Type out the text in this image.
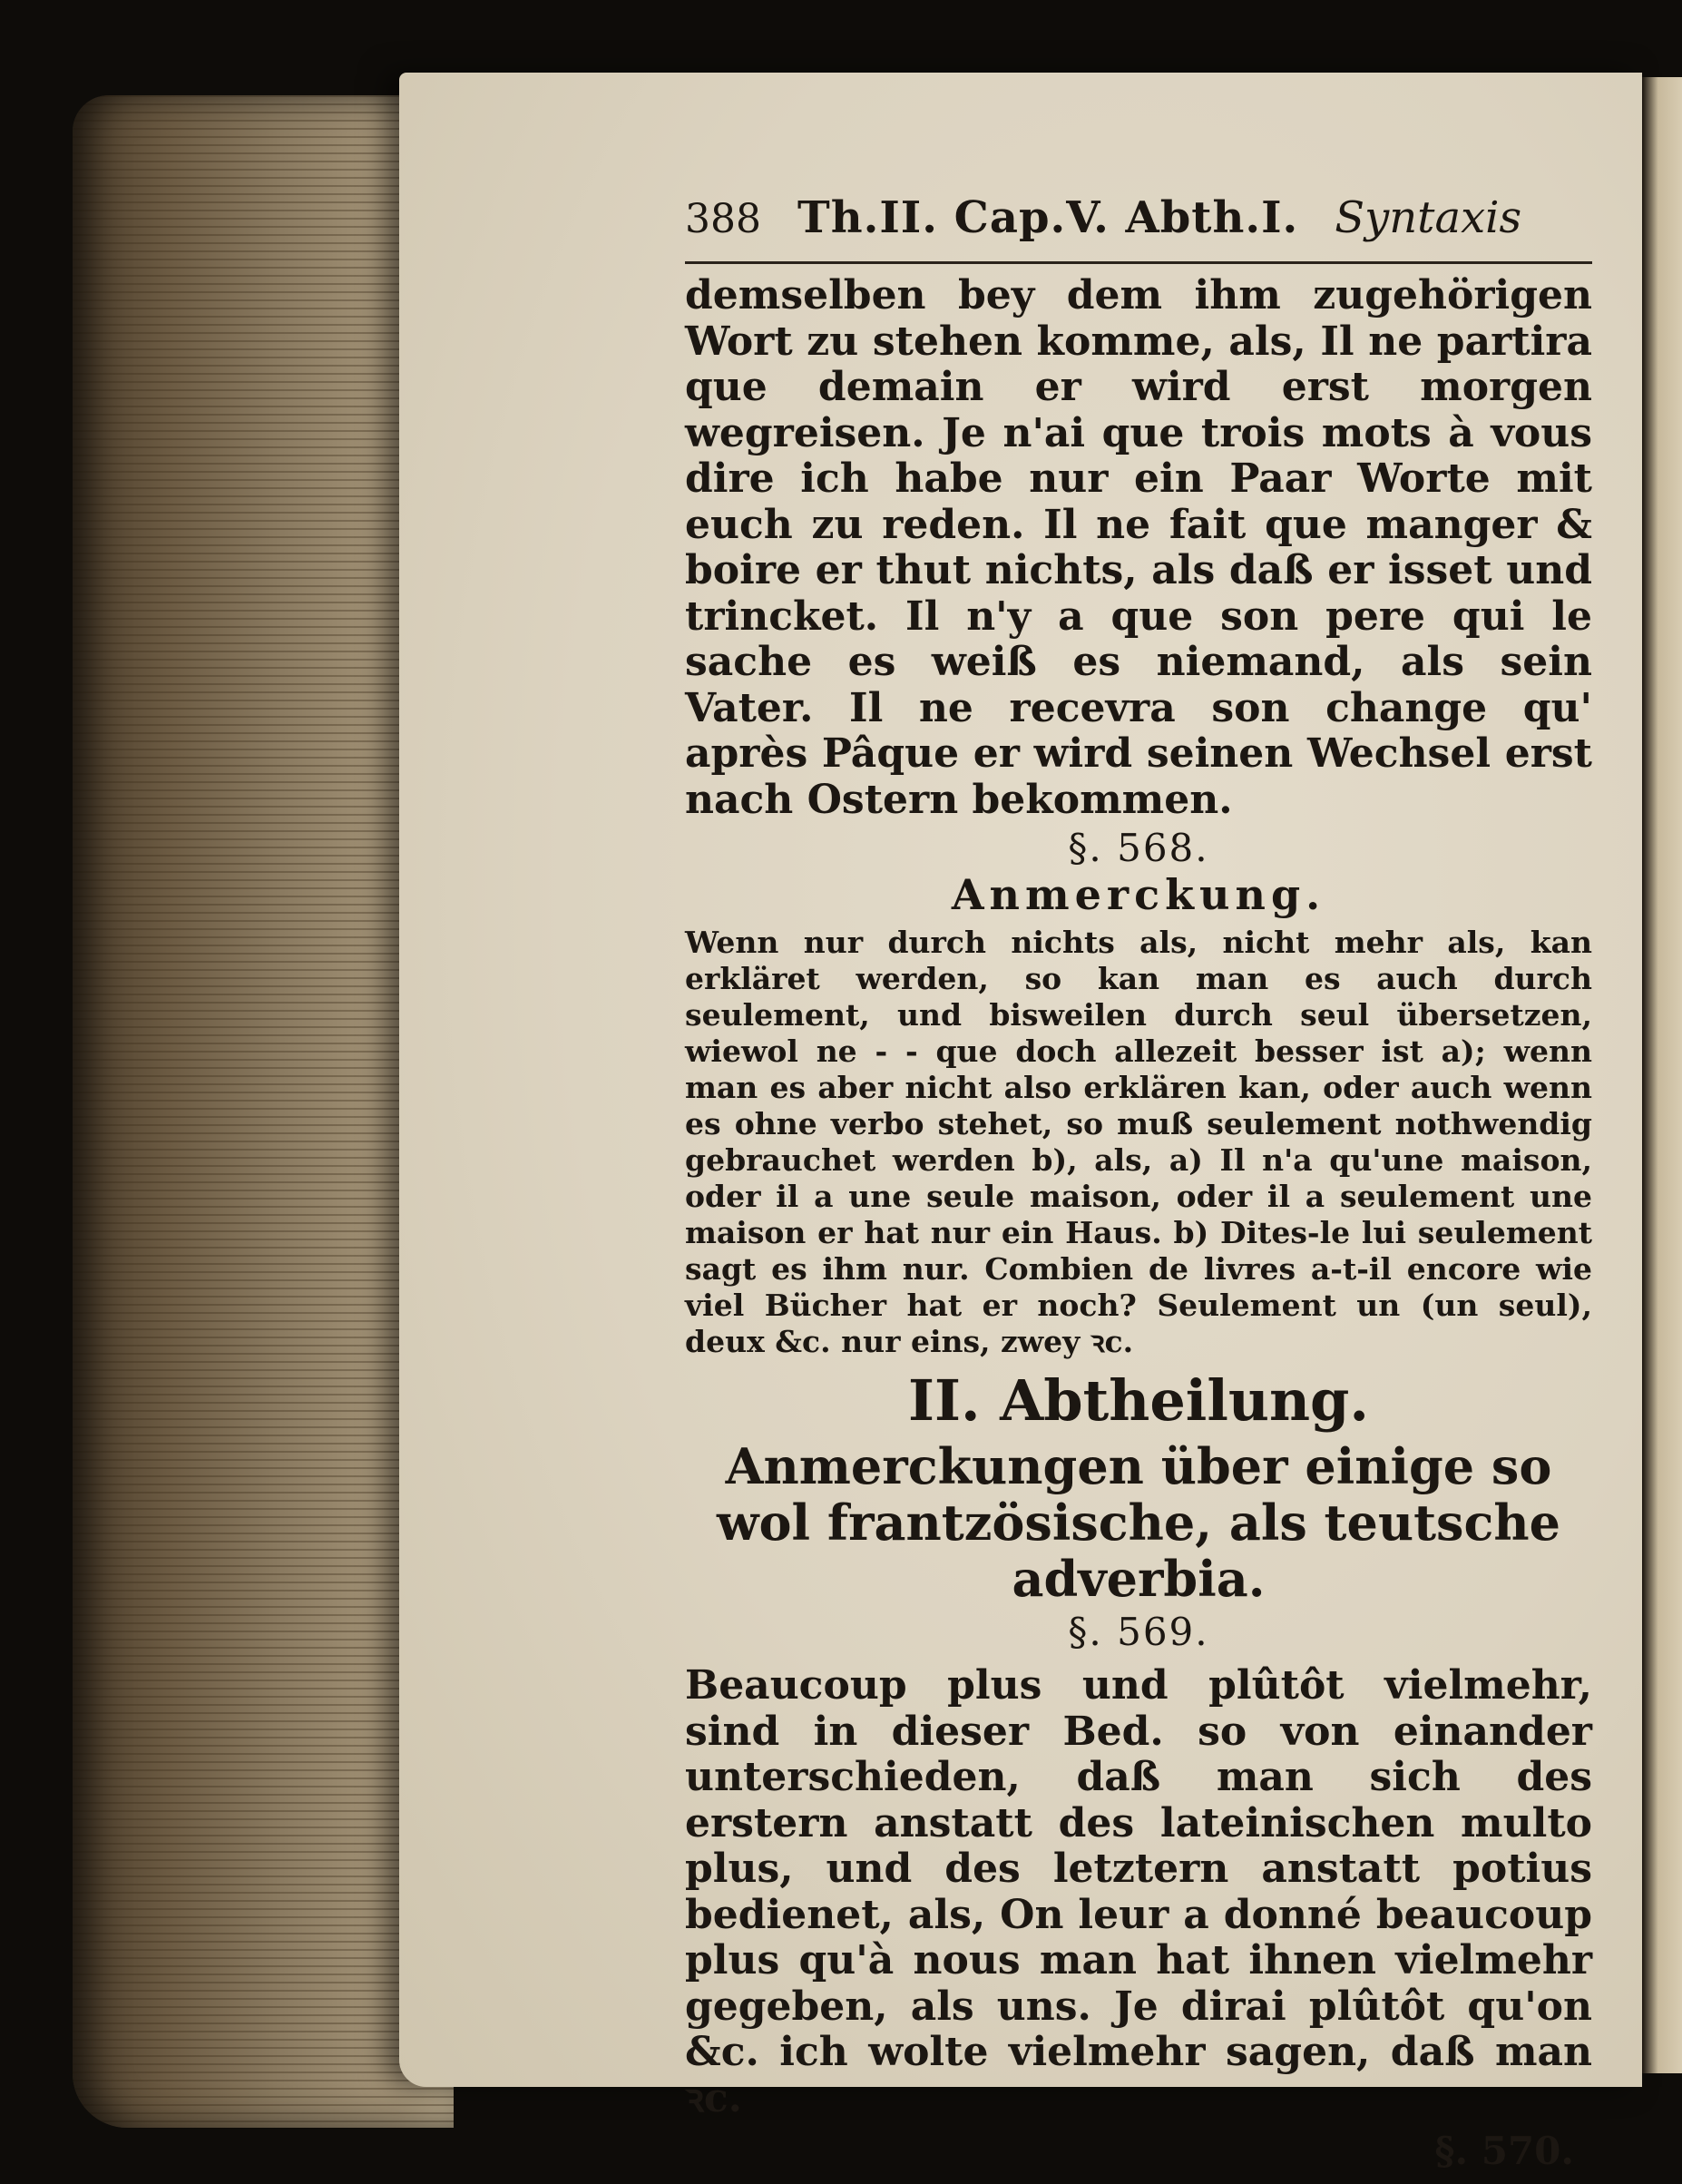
388 Th.II. Cap.V. Abth.I. Syntaxis

demselben bey dem ihm zugehörigen Wort zu stehen komme, als, Il ne partira que demain er wird erst morgen wegreisen. Je n'ai que trois mots à vous dire ich habe nur ein Paar Worte mit euch zu reden. Il ne fait que manger & boire er thut nichts, als daß er isset und trincket. Il n'y a que son pere qui le sache es weiß es niemand, als sein Vater. Il ne recevra son change qu' après Pâque er wird seinen Wechsel erst nach Ostern bekommen.

§. 568.

Anmerckung.

Wenn nur durch nichts als, nicht mehr als, kan erkläret werden, so kan man es auch durch seulement, und bisweilen durch seul übersetzen, wiewol ne - - que doch allezeit besser ist a); wenn man es aber nicht also erklären kan, oder auch wenn es ohne verbo stehet, so muß seulement nothwendig gebrauchet werden b), als, a) Il n'a qu'une maison, oder il a une seule maison, oder il a seulement une maison er hat nur ein Haus. b) Dites-le lui seulement sagt es ihm nur. Combien de livres a-t-il encore wie viel Bücher hat er noch? Seulement un (un seul), deux &c. nur eins, zwey ꝛc.

II. Abtheilung.

Anmerckungen über einige so wol frantzösische, als teutsche adverbia.

§. 569.

Beaucoup plus und plûtôt vielmehr, sind in dieser Bed. so von einander unterschieden, daß man sich des erstern anstatt des lateinischen multo plus, und des letztern anstatt potius bedienet, als, On leur a donné beaucoup plus qu'à nous man hat ihnen vielmehr gegeben, als uns. Je dirai plûtôt qu'on &c. ich wolte vielmehr sagen, daß man ꝛc.

§. 570.
